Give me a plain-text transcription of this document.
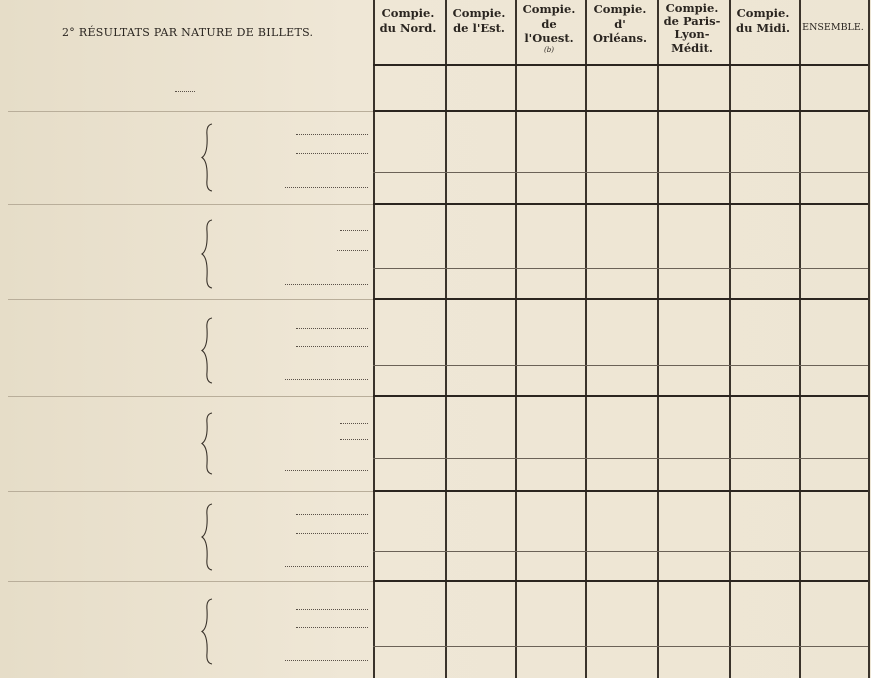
2° RÉSULTATS PAR NATURE DE BILLETS.
Compie.
du Nord.
Compie.
de l'Est.
Compie.
de
l'Ouest.
(b)
Compie.
d'
Orléans.
Compie.
de Paris-
Lyon-
Médit.
Compie.
du Midi.	ENSEMBLE.
